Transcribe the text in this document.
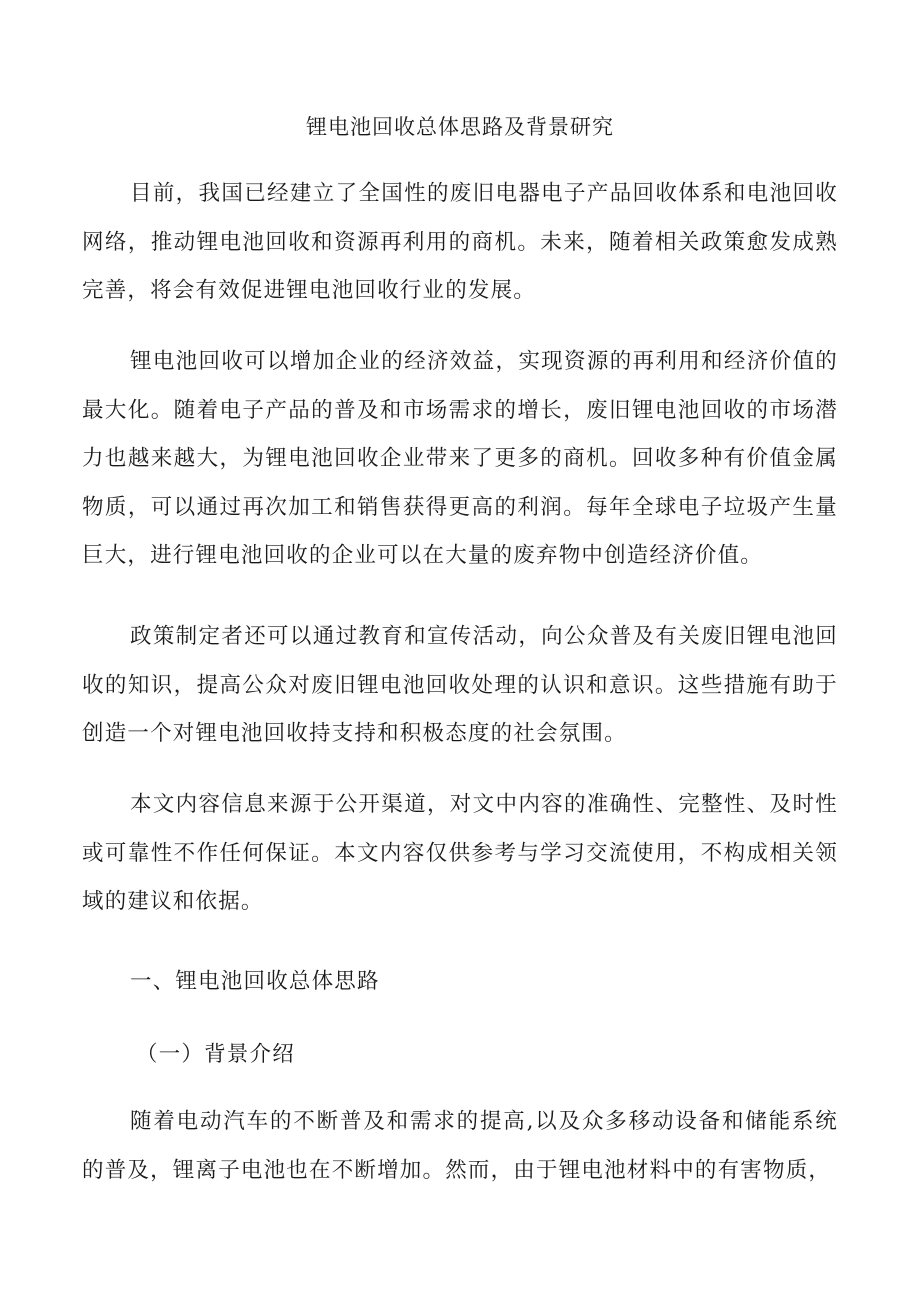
锂电池回收总体思路及背景研究

目前，我国已经建立了全国性的废旧电器电子产品回收体系和电池回收网络，推动锂电池回收和资源再利用的商机。未来，随着相关政策愈发成熟完善，将会有效促进锂电池回收行业的发展。

锂电池回收可以增加企业的经济效益，实现资源的再利用和经济价值的最大化。随着电子产品的普及和市场需求的增长，废旧锂电池回收的市场潜力也越来越大，为锂电池回收企业带来了更多的商机。回收多种有价值金属物质，可以通过再次加工和销售获得更高的利润。每年全球电子垃圾产生量巨大，进行锂电池回收的企业可以在大量的废弃物中创造经济价值。

政策制定者还可以通过教育和宣传活动，向公众普及有关废旧锂电池回收的知识，提高公众对废旧锂电池回收处理的认识和意识。这些措施有助于创造一个对锂电池回收持支持和积极态度的社会氛围。

本文内容信息来源于公开渠道，对文中内容的准确性、完整性、及时性或可靠性不作任何保证。本文内容仅供参考与学习交流使用，不构成相关领域的建议和依据。

一、锂电池回收总体思路
（一）背景介绍

随着电动汽车的不断普及和需求的提高,以及众多移动设备和储能系统的普及，锂离子电池也在不断增加。然而，由于锂电池材料中的有害物质，
